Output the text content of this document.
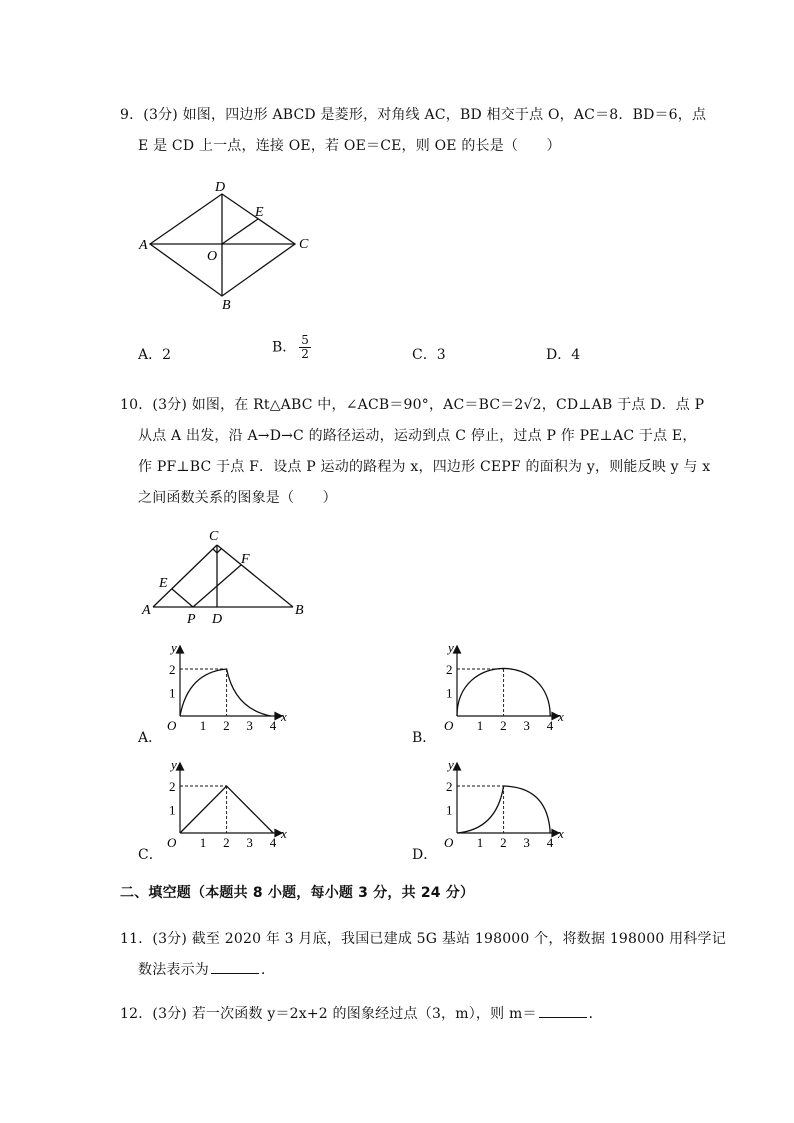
9．(3分) 如图，四边形 ABCD 是菱形，对角线 AC，BD 相交于点 O，AC＝8．BD＝6，点
E 是 CD 上一点，连接 OE，若 OE＝CE，则 OE 的长是（　　）
A
D
C
B
E
O
A．2	B． $\frac{5}{2}$	C．3	D．4
10．(3分) 如图，在 Rt△ABC 中，∠ACB＝90°，AC＝BC＝2√2，CD⊥AB 于点 D．点 P
从点 A 出发，沿 A→D→C 的路径运动，运动到点 C 停止，过点 P 作 PE⊥AC 于点 E，
作 PF⊥BC 于点 F．设点 P 运动的路程为 x，四边形 CEPF 的面积为 y，则能反映 y 与 x
之间函数关系的图象是（　　）
A
C
B
E
F
P D
y
x
O
1
2
1 2 3 4
y
x
O
1
2
1 2 3 4
y
x
O
1
2
1 2 3 4
y
x
O
1
2
1 2 3 4
A．	B．
C．	D．
二、填空题（本题共 8 小题，每小题 3 分，共 24 分）
11．(3分) 截至 2020 年 3 月底，我国已建成 5G 基站 198000 个，将数据 198000 用科学记
数法表示为	．
12．(3分) 若一次函数 y＝2x+2 的图象经过点（3，m），则 m＝	．
